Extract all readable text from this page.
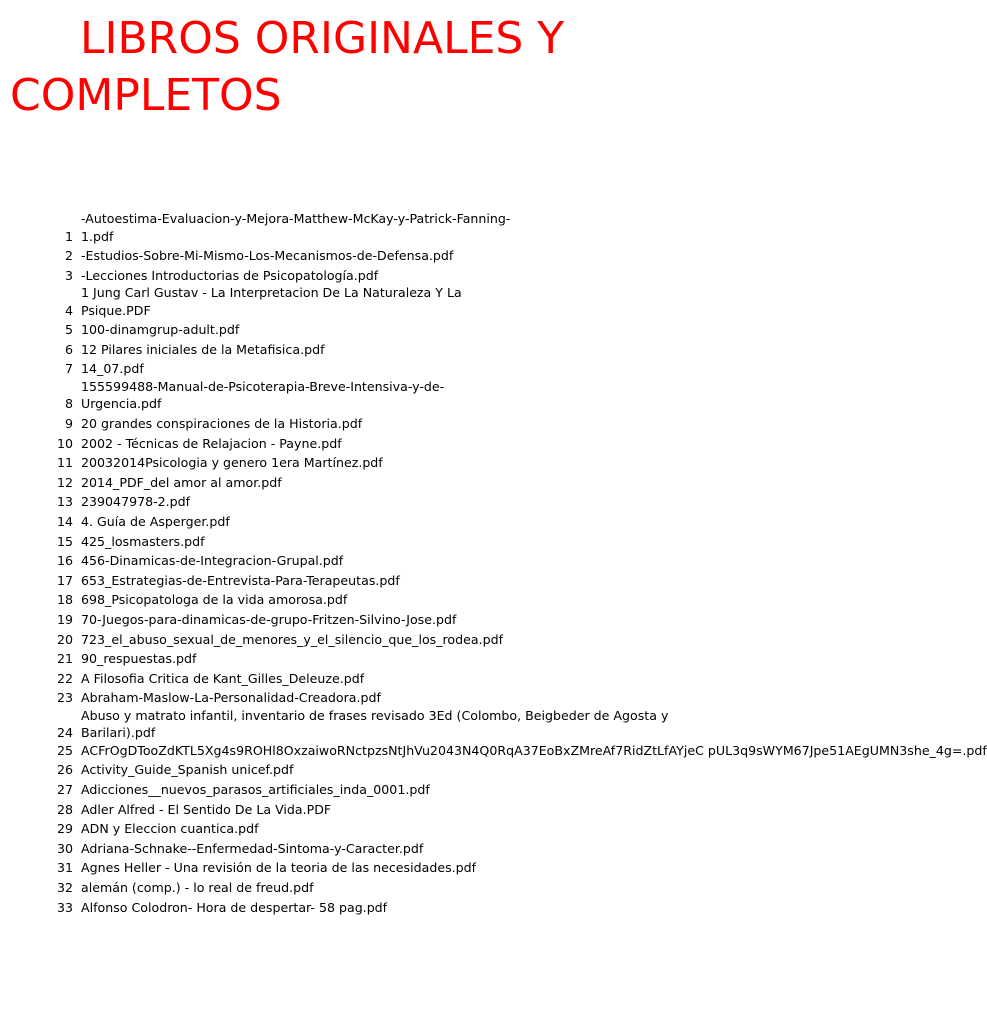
LIBROS ORIGINALES Y
COMPLETOS
1
-Autoestima-Evaluacion-y-Mejora-Matthew-McKay-y-Patrick-Fanning-
1.pdf
2 -Estudios-Sobre-Mi-Mismo-Los-Mecanismos-de-Defensa.pdf
3 -Lecciones Introductorias de Psicopatología.pdf
4
1 Jung Carl Gustav - La Interpretacion De La Naturaleza Y La
Psique.PDF
5 100-dinamgrup-adult.pdf
6 12 Pilares iniciales de la Metafisica.pdf
7 14_07.pdf
8
155599488-Manual-de-Psicoterapia-Breve-Intensiva-y-de-
Urgencia.pdf
9 20 grandes conspiraciones de la Historia.pdf
10 2002 - Técnicas de Relajacion - Payne.pdf
11 20032014Psicologia y genero 1era Martínez.pdf
12 2014_PDF_del amor al amor.pdf
13 239047978-2.pdf
14 4. Guía de Asperger.pdf
15 425_losmasters.pdf
16 456-Dinamicas-de-Integracion-Grupal.pdf
17 653_Estrategias-de-Entrevista-Para-Terapeutas.pdf
18 698_Psicopatologa de la vida amorosa.pdf
19 70-Juegos-para-dinamicas-de-grupo-Fritzen-Silvino-Jose.pdf
20 723_el_abuso_sexual_de_menores_y_el_silencio_que_los_rodea.pdf
21 90_respuestas.pdf
22 A Filosofia Critica de Kant_Gilles_Deleuze.pdf
23 Abraham-Maslow-La-Personalidad-Creadora.pdf
24
Abuso y matrato infantil, inventario de frases revisado 3Ed (Colombo, Beigbeder de Agosta y
Barilari).pdf
25 ACFrOgDTooZdKTL5Xg4s9ROHl8OxzaiwoRNctpzsNtJhVu2043N4Q0RqA37EoBxZMreAf7RidZtLfAYjeC pUL3q9sWYM67Jpe51AEgUMN3she_4g=.pdf
26 Activity_Guide_Spanish unicef.pdf
27 Adicciones__nuevos_parasos_artificiales_inda_0001.pdf
28 Adler Alfred - El Sentido De La Vida.PDF
29 ADN y Eleccion cuantica.pdf
30 Adriana-Schnake--Enfermedad-Sintoma-y-Caracter.pdf
31 Agnes Heller - Una revisión de la teoria de las necesidades.pdf
32 alemán (comp.) - lo real de freud.pdf
33 Alfonso Colodron- Hora de despertar- 58 pag.pdf
